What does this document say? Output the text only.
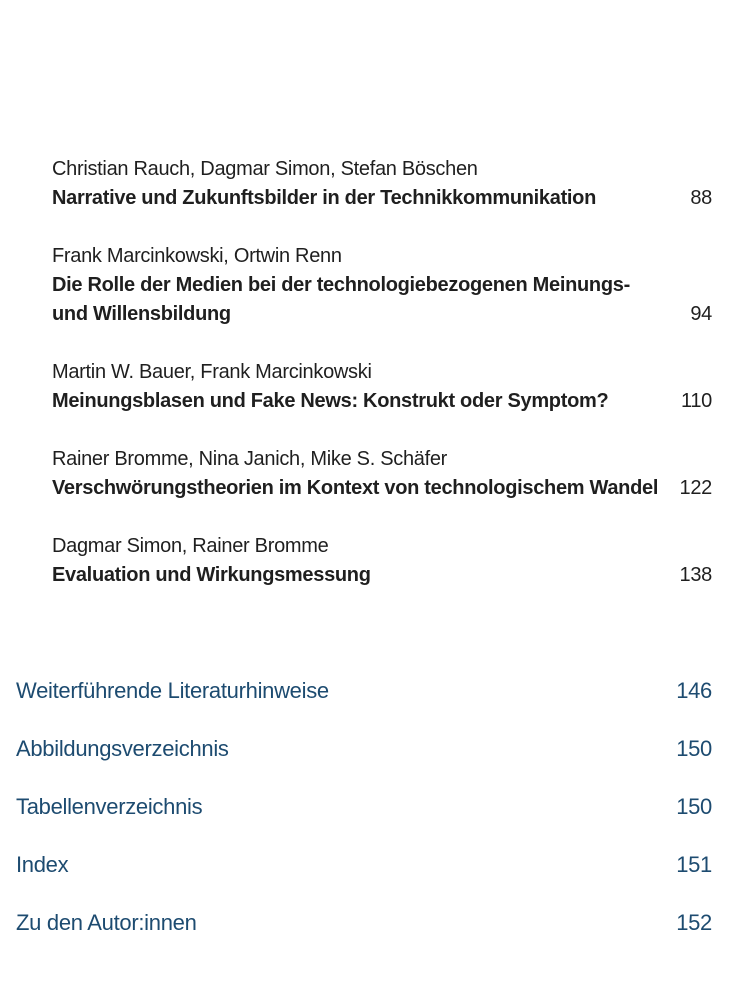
Christian Rauch, Dagmar Simon, Stefan Böschen
Narrative und Zukunftsbilder in der Technikkommunikation	88
Frank Marcinkowski, Ortwin Renn
Die Rolle der Medien bei der technologiebezogenen Meinungs-
und Willensbildung	94
Martin W. Bauer, Frank Marcinkowski
Meinungsblasen und Fake News: Konstrukt oder Symptom?	110
Rainer Bromme, Nina Janich, Mike S. Schäfer
Verschwörungstheorien im Kontext von technologischem Wandel 122
Dagmar Simon, Rainer Bromme
Evaluation und Wirkungsmessung	138
Weiterführende Literaturhinweise	146
Abbildungsverzeichnis	150
Tabellenverzeichnis	150
Index	151
Zu den Autor:innen	152
